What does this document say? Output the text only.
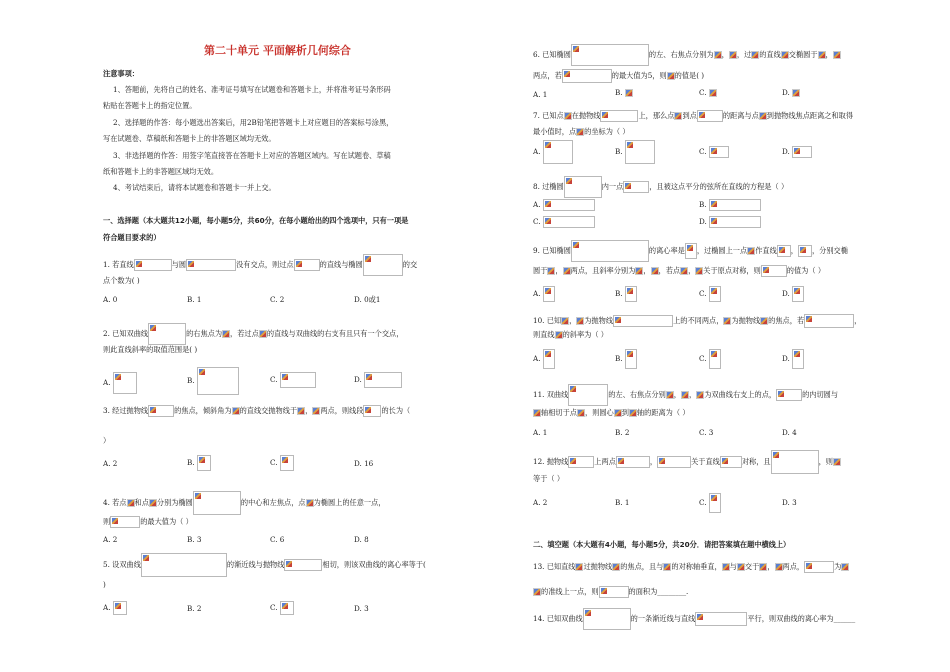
第二十单元 平面解析几何综合
注意事项：
1、答题前，先将自己的姓名、准考证号填写在试题卷和答题卡上，并将准考证号条形码
粘贴在答题卡上的指定位置。
2、选择题的作答：每小题选出答案后，用2B铅笔把答题卡上对应题目的答案标号涂黑，
写在试题卷、草稿纸和答题卡上的非答题区域均无效。
3、非选择题的作答：用签字笔直接答在答题卡上对应的答题区域内。写在试题卷、草稿
纸和答题卡上的非答题区域均无效。
4、考试结束后，请将本试题卷和答题卡一并上交。
一、选择题（本大题共12小题，每小题5分，共60分，在每小题给出的四个选项中，只有一项是
符合题目要求的）
1. 若直线	与圆	没有交点，则过点	的直线与椭圆	的交
点个数为( )
A. 0	B. 1	C. 2	D. 0或1
2. 已知双曲线	的右焦点为 ，若过点 的直线与双曲线的右支有且只有一个交点，
则此直线斜率的取值范围是( )
A.	B.	C.	D.
3. 经过抛物线	的焦点，倾斜角为 的直线交抛物线于 ， 两点，则线段	的长为（
）
A. 2	B.	C.	D. 16
4. 若点 和点 分别为椭圆	的中心和左焦点，点 为椭圆上的任意一点，
则	的最大值为（ ）
A. 2	B. 3	C. 6	D. 8
5. 设双曲线	的渐近线与抛物线	相切，则该双曲线的离心率等于(
)
A.	B. 2	C.	D. 3
6. 已知椭圆	的左、右焦点分别为 ， ，过 的直线 交椭圆于 ，
两点，若	的最大值为5，则 的值是( )
A. 1	B.	C.	D.
7. 已知点 在抛物线	上，那么点 到点	的距离与点 到抛物线焦点距离之和取得
最小值时，点 的坐标为（ ）
A.	B.	C.	D.
8. 过椭圆	内一点	，且被这点平分的弦所在直线的方程是（ ）
A.	B.
C.	D.
9. 已知椭圆	的离心率是 ，过椭圆上一点 作直线 ， ，分别交椭
圆于 ， 两点，且斜率分别为 ， ，若点 ， 关于原点对称，则	的值为（ ）
A.	B.	C.	D.
10. 已知 ， 为抛物线	上的不同两点， 为抛物线 的焦点，若	，
则直线 的斜率为（ ）
A.	B.	C.	D.
11. 双曲线	的左、右焦点分别 ， ， 为双曲线右支上的点，	的内切圆与
轴相切于点 ，则圆心 到 轴的距离为（ ）
A. 1	B. 2	C. 3	D. 4
12. 抛物线	上两点	，	关于直线	对称，且	，则
等于（ ）
A. 2	B. 1	C.	D. 3
二、填空题（本大题有4小题，每小题5分，共20分．请把答案填在题中横线上）
13. 已知直线 过抛物线 的焦点，且与 的对称轴垂直， 与 交于 ， 两点，	为
的准线上一点，则	的面积为________.
14. 已知双曲线	的一条渐近线与直线	平行，则双曲线的离心率为______
